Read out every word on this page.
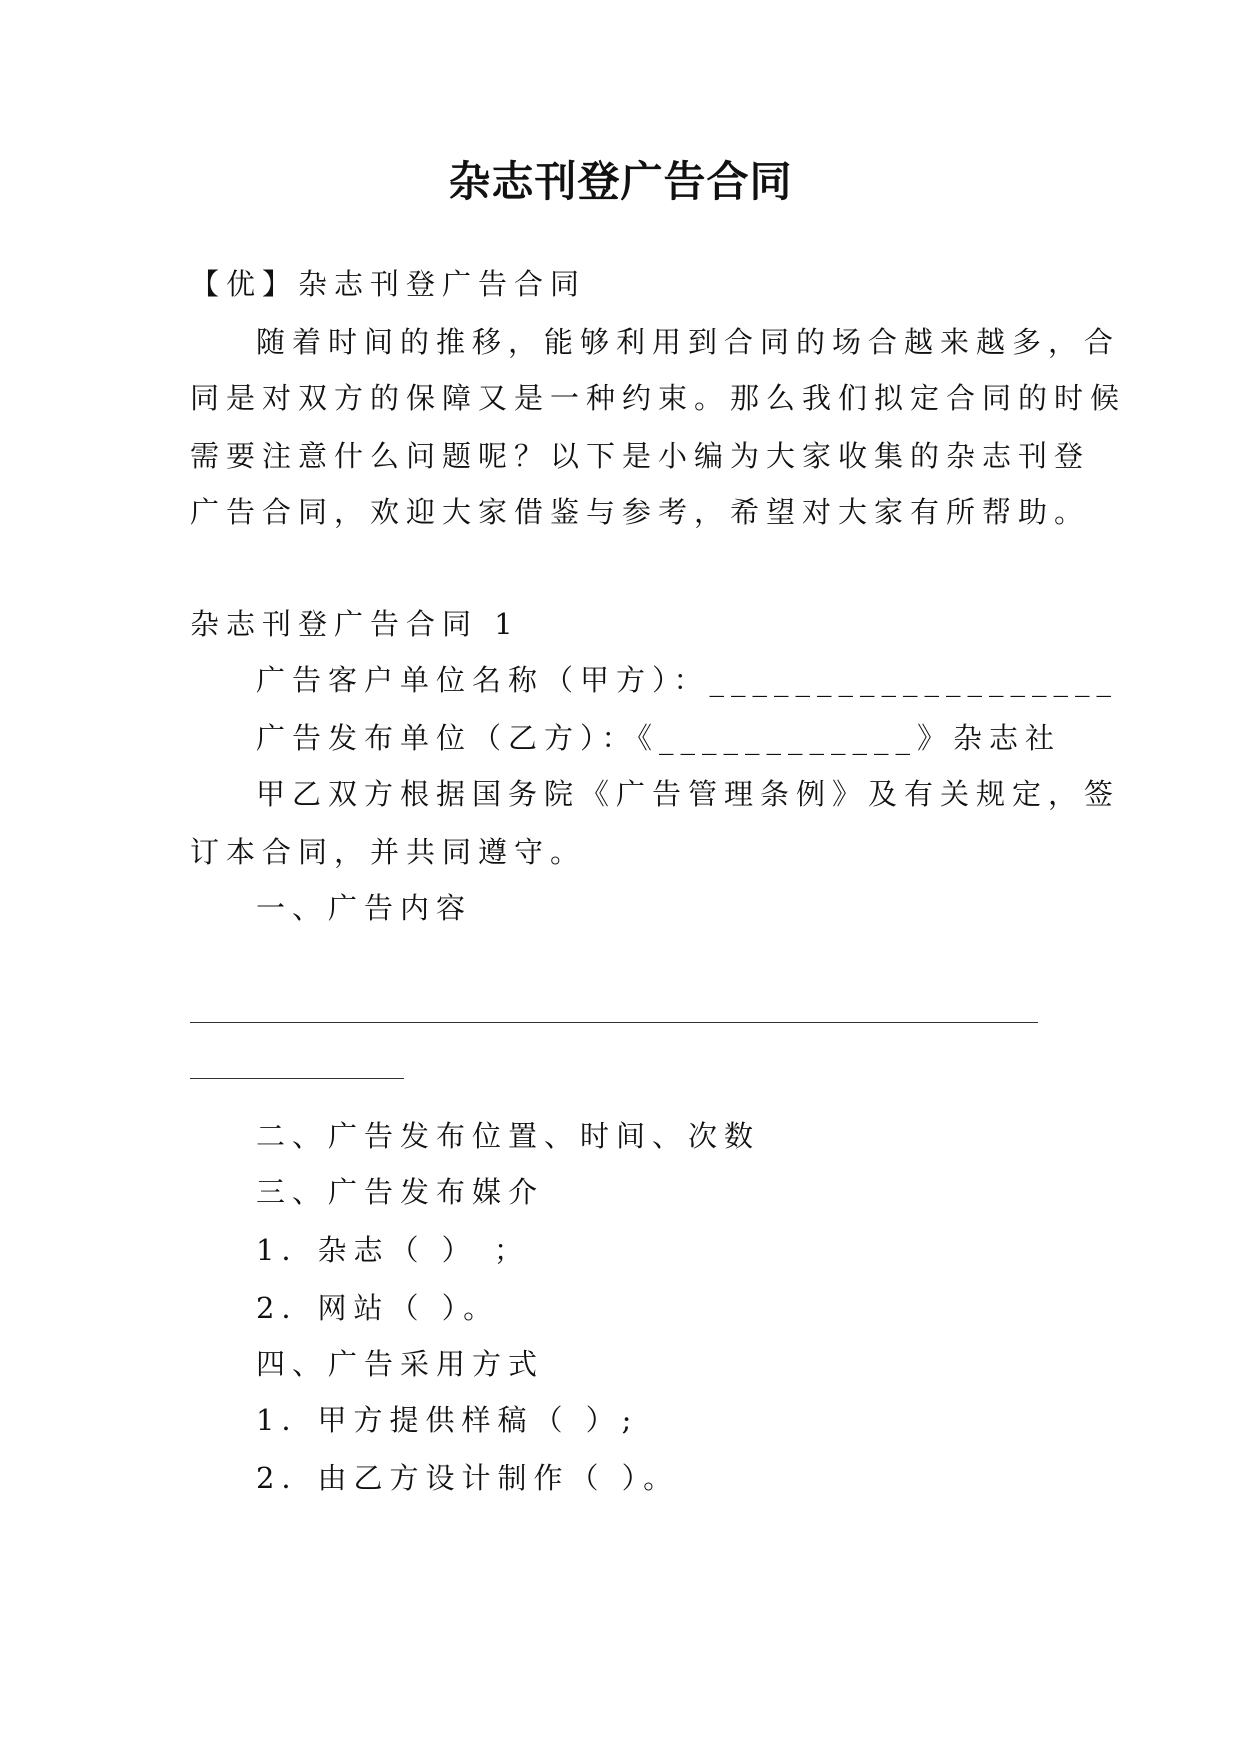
杂志刊登广告合同
【优】杂志刊登广告合同
随着时间的推移，能够利用到合同的场合越来越多，合
同是对双方的保障又是一种约束。那么我们拟定合同的时候
需要注意什么问题呢？以下是小编为大家收集的杂志刊登
广告合同，欢迎大家借鉴与参考，希望对大家有所帮助。
杂志刊登广告合同 1
广告客户单位名称（甲方）：___________________
广告发布单位（乙方）：《____________》杂志社
甲乙双方根据国务院《广告管理条例》及有关规定，签
订本合同，并共同遵守。
一、广告内容
二、广告发布位置、时间、次数
三、广告发布媒介
1．杂志（ ） ；
2．网站（ ）。
四、广告采用方式
1．甲方提供样稿（ ）;
2．由乙方设计制作（ ）。
